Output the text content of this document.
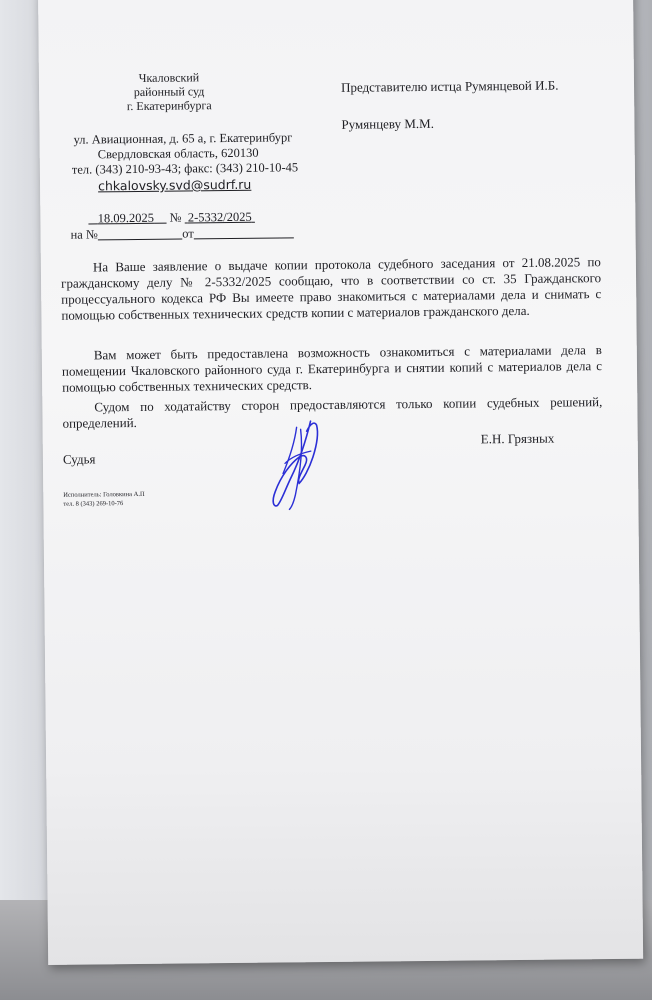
Чкаловский
районный суд
г. Екатеринбурга
ул. Авиационная, д. 65 а, г. Екатеринбург
Свердловская область, 620130
тел. (343) 210-93-43; факс: (343) 210-10-45
chkalovsky.svd@sudrf.ru
18.09.2025 № 2-5332/2025
на №	от
Представителю истца Румянцевой И.Б.
Румянцеву М.М.
На Ваше заявление о выдаче копии протокола судебного заседания от 21.08.2025 по гражданскому делу № 2-5332/2025 сообщаю, что в соответствии со ст. 35 Гражданского процессуального кодекса РФ Вы имеете право знакомиться с материалами дела и снимать с помощью собственных технических средств копии с материалов гражданского дела.
Вам может быть предоставлена возможность ознакомиться с материалами дела в помещении Чкаловского районного суда г. Екатеринбурга и снятии копий с материалов дела с помощью собственных технических средств.
Судом по ходатайству сторон предоставляются только копии судебных решений, определений.
Судья
Е.Н. Грязных
Исполнитель: Головкина А.П
тел. 8 (343) 269-10-76
